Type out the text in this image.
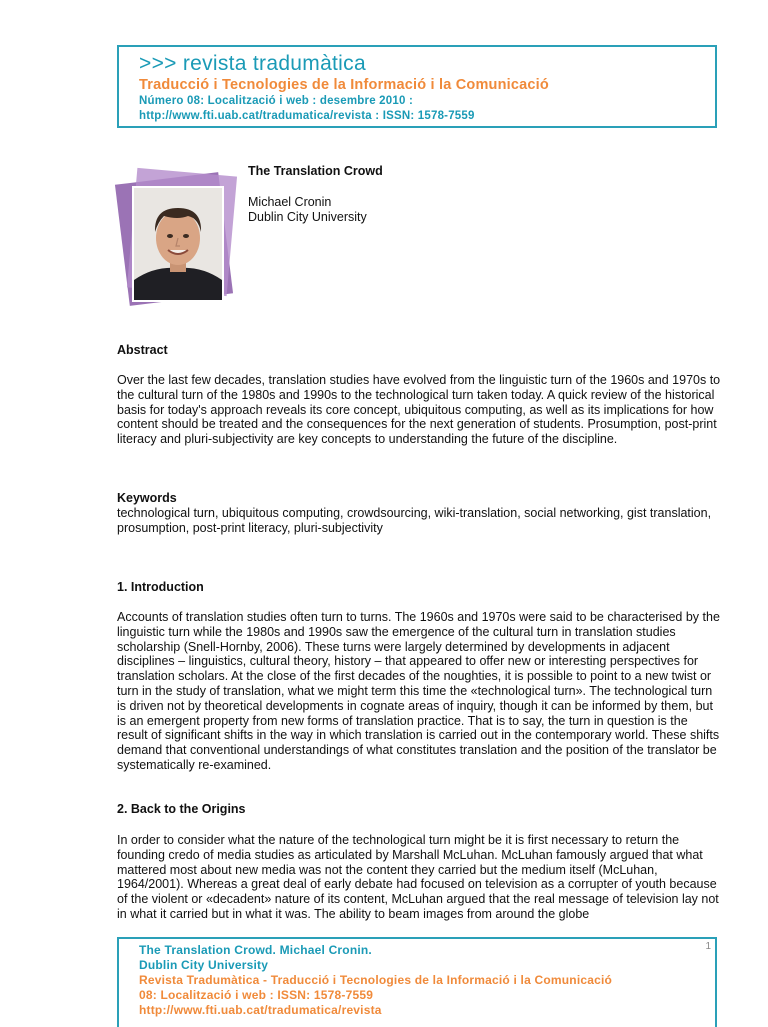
>>> revista tradumàtica
Traducció i Tecnologies de la Informació i la Comunicació
Número 08: Localització i web : desembre 2010 :
http://www.fti.uab.cat/tradumatica/revista : ISSN: 1578-7559
The Translation Crowd
Michael Cronin
Dublin City University
Abstract
Over the last few decades, translation studies have evolved from the linguistic turn of the 1960s and 1970s to the cultural turn of the 1980s and 1990s to the technological turn taken today. A quick review of the historical basis for today's approach reveals its core concept, ubiquitous computing, as well as its implications for how content should be treated and the consequences for the next generation of students. Prosumption, post-print literacy and pluri-subjectivity are key concepts to understanding the future of the discipline.
Keywords
technological turn, ubiquitous computing, crowdsourcing, wiki-translation, social networking, gist translation, prosumption, post-print literacy, pluri-subjectivity
1. Introduction
Accounts of translation studies often turn to turns. The 1960s and 1970s were said to be characterised by the linguistic turn while the 1980s and 1990s saw the emergence of the cultural turn in translation studies scholarship (Snell-Hornby, 2006). These turns were largely determined by developments in adjacent disciplines – linguistics, cultural theory, history – that appeared to offer new or interesting perspectives for translation scholars. At the close of the first decades of the noughties, it is possible to point to a new twist or turn in the study of translation, what we might term this time the «technological turn». The technological turn is driven not by theoretical developments in cognate areas of inquiry, though it can be informed by them, but is an emergent property from new forms of translation practice. That is to say, the turn in question is the result of significant shifts in the way in which translation is carried out in the contemporary world. These shifts demand that conventional understandings of what constitutes translation and the position of the translator be systematically re-examined.
2. Back to the Origins
In order to consider what the nature of the technological turn might be it is first necessary to return the founding credo of media studies as articulated by Marshall McLuhan. McLuhan famously argued that what mattered most about new media was not the content they carried but the medium itself (McLuhan, 1964/2001). Whereas a great deal of early debate had focused on television as a corrupter of youth because of the violent or «decadent» nature of its content, McLuhan argued that the real message of television lay not in what it carried but in what it was. The ability to beam images from around the globe
1
The Translation Crowd. Michael Cronin.
Dublin City University
Revista Tradumàtica - Traducció i Tecnologies de la Informació i la Comunicació
08: Localització i web : ISSN: 1578-7559
http://www.fti.uab.cat/tradumatica/revista
